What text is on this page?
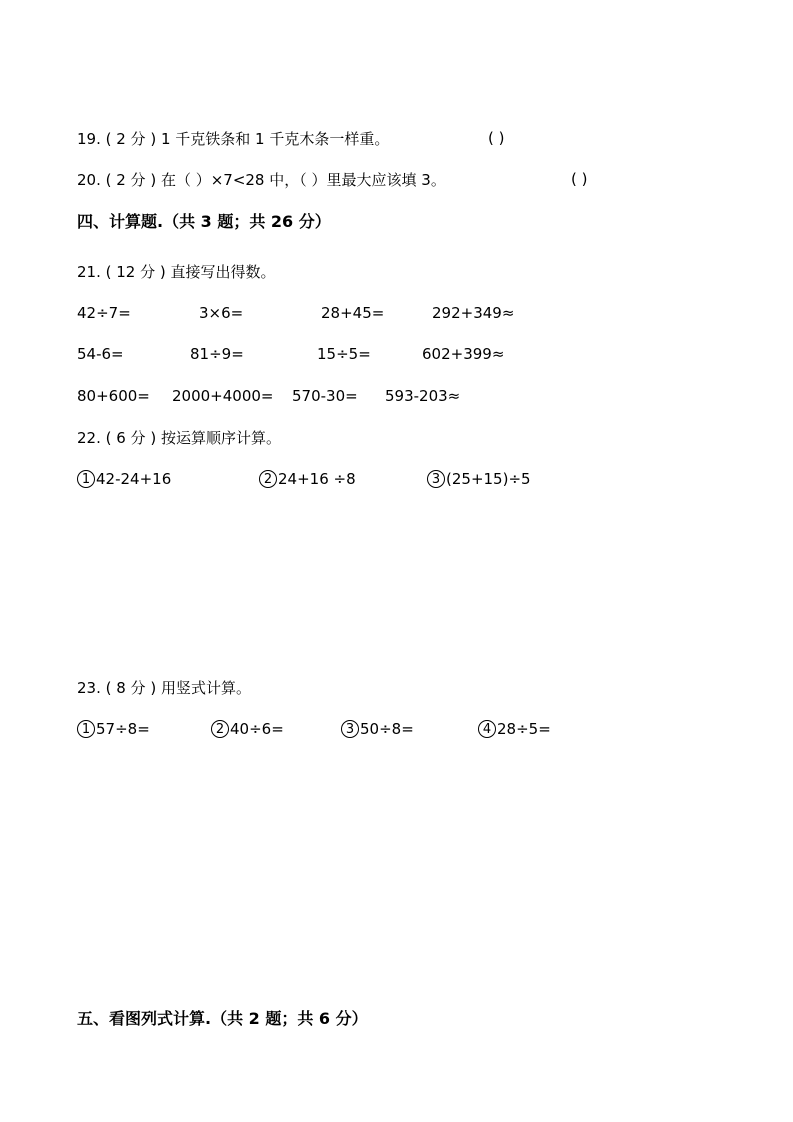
19. ( 2 分 ) 1 千克铁条和 1 千克木条一样重。	( )
20. ( 2 分 ) 在（ ）×7<28 中，（ ）里最大应该填 3。	( )
四、计算题.（共 3 题；共 26 分）
21. ( 12 分 ) 直接写出得数。
42÷7=	3×6=	28+45=	292+349≈
54-6=	81÷9=	15÷5=	602+399≈
80+600= 2000+4000= 570-30= 593-203≈
22. ( 6 分 ) 按运算顺序计算。
1 42-24+16	2 24+16 ÷8	3 (25+15)÷5
23. ( 8 分 ) 用竖式计算。
1 57÷8=	2 40÷6=	3 50÷8=	4 28÷5=
五、看图列式计算.（共 2 题；共 6 分）
